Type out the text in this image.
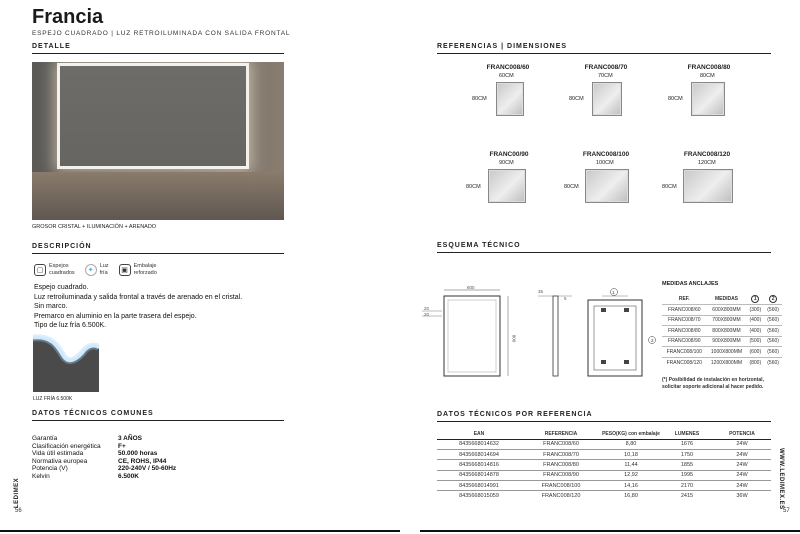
Francia
ESPEJO CUADRADO | LUZ RETROILUMINADA CON SALIDA FRONTAL
DETALLE
GROSOR CRISTAL + ILUMINACIÓN + ARENADO
DESCRIPCIÓN
▢
Espejos
cuadrados	✦
Luz
fría	▣
Embalaje
reforzado
Espejo cuadrado.
Luz retroiluminada y salida frontal a través de arenado en el cristal.
Sin marco.
Premarco en aluminio en la parte trasera del espejo.
Tipo de luz fría 6.500K.
LUZ FRÍA 6.500K
DATOS TÉCNICOS COMUNES
Garantía	3 AÑOS
Clasificación energética	F+
Vida útil estimada	50.000 horas
Normativa europea	CE, ROHS, IP44
Potencia (V)	220-240V / 50-60Hz
Kelvin	6.500K
LEDIMEX
56
REFERENCIAS | DIMENSIONES
FRANC008/60
60CM
80CM
FRANC008/70
70CM
80CM
FRANC008/80
80CM
80CM
FRANC00/90
90CM
80CM
FRANC008/100
100CM
80CM
FRANC008/120
120CM
80CM
ESQUEMA TÉCNICO
600
800
20
20
35
5
1
2
MEDIDAS ANCLAJES
REF.	MEDIDAS	1	2
FRANC008/60	600X800MM	(300)	(560)
FRANC008/70	700X800MM	(400)	(560)
FRANC008/80	800X800MM	(400)	(560)
FRANC008/90	900X800MM	(500)	(560)
FRANC008/100	1000X800MM	(600)	(560)
FRANC008/120	1200X800MM	(800)	(560)
(*) Posibilidad de instalación en horizontal, solicitar soporte adicional al hacer pedido.
DATOS TÉCNICOS POR REFERENCIA
EAN	REFERENCIA	PESO(KG) con embalaje	LUMENES	POTENCIA
8435668014632	FRANC008/60	8,80	1676	24W
8435668014694	FRANC008/70	10,18	1750	24W
8435668014816	FRANC008/80	11,44	1855	24W
8435668014878	FRANC008/90	12,92	1995	24W
8435668014991	FRANC008/100	14,16	2170	24W
8435668015059	FRANC008/120	16,80	2415	36W	WWW.LEDIMEX.ES
57
